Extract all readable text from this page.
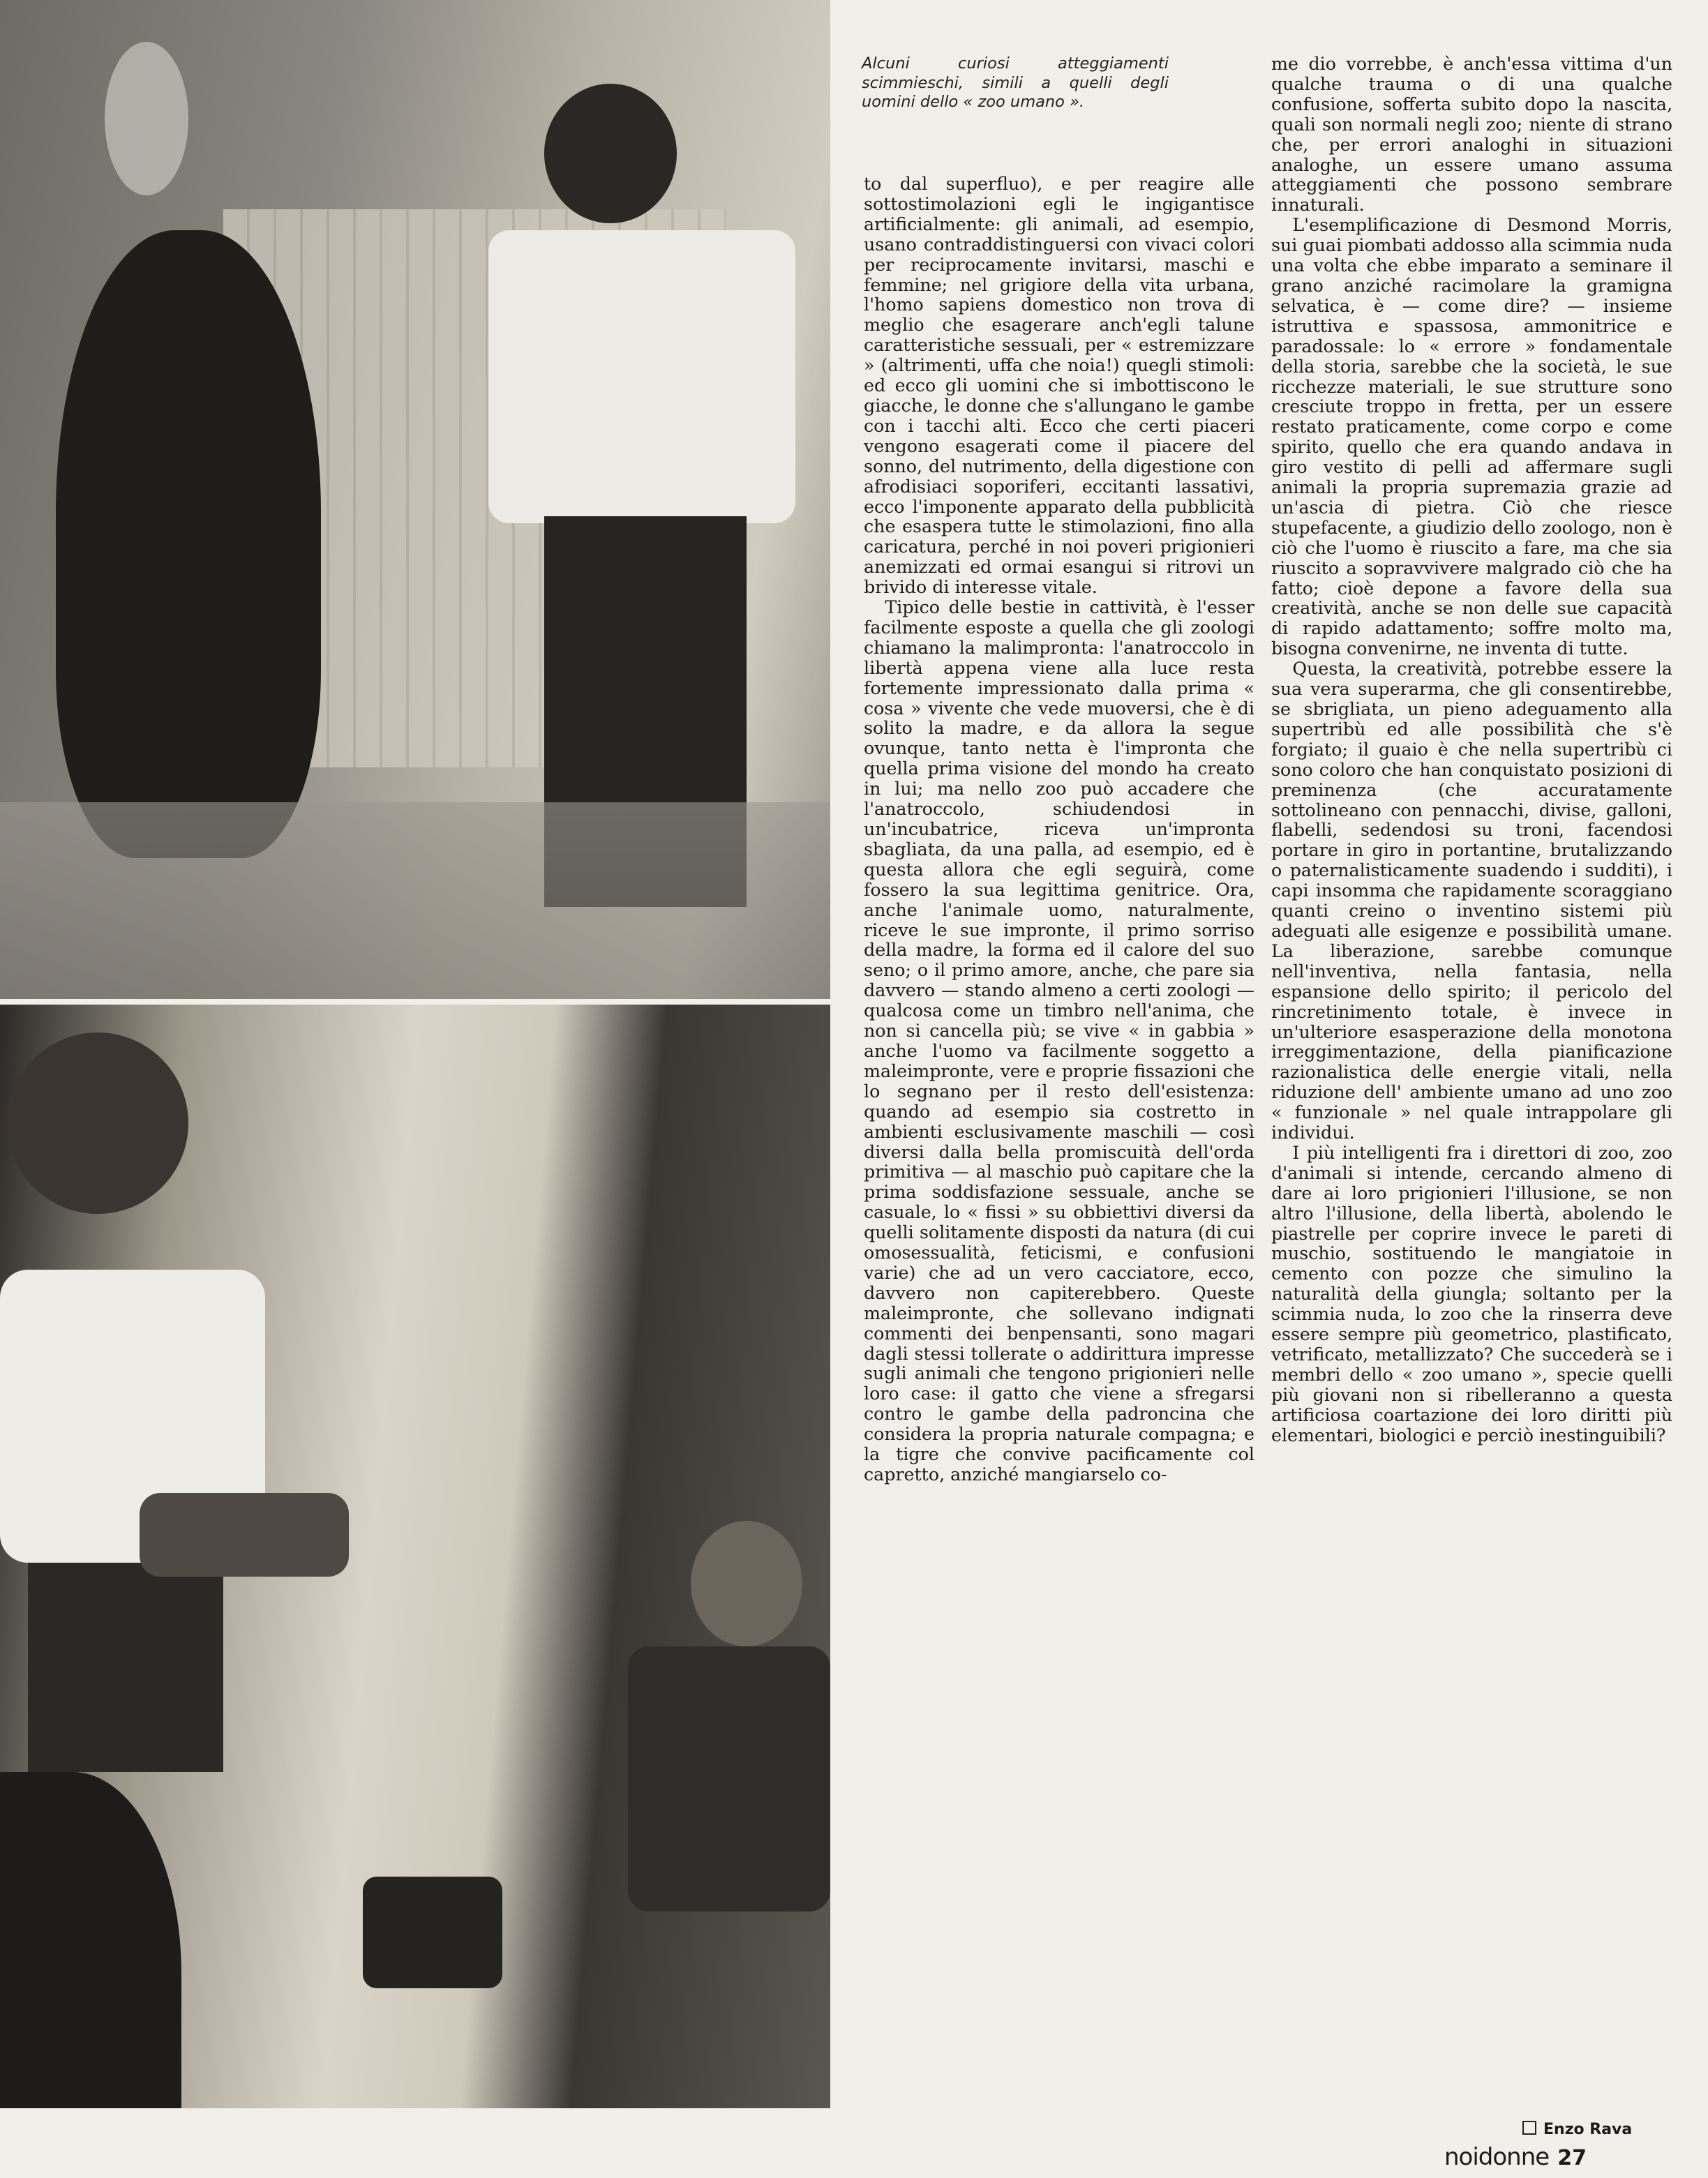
Alcuni curiosi atteggiamenti scimmieschi, simili a quelli degli uomini dello « zoo umano ».

to dal superfluo), e per reagire alle sottostimolazioni egli le ingigantisce artificialmente: gli animali, ad esempio, usano contraddistinguersi con vivaci colori per reciprocamente invitarsi, maschi e femmine; nel grigiore della vita urbana, l'homo sapiens domestico non trova di meglio che esagerare anch'egli talune caratteristiche sessuali, per « estremizzare » (altrimenti, uffa che noia!) quegli stimoli: ed ecco gli uomini che si imbottiscono le giacche, le donne che s'allungano le gambe con i tacchi alti. Ecco che certi piaceri vengono esagerati come il piacere del sonno, del nutrimento, della digestione con afrodisiaci soporiferi, eccitanti lassativi, ecco l'imponente apparato della pubblicità che esaspera tutte le stimolazioni, fino alla caricatura, perché in noi poveri prigionieri anemizzati ed ormai esangui si ritrovi un brivido di interesse vitale.

Tipico delle bestie in cattività, è l'esser facilmente esposte a quella che gli zoologi chiamano la malimpronta: l'anatroccolo in libertà appena viene alla luce resta fortemente impressionato dalla prima « cosa » vivente che vede muoversi, che è di solito la madre, e da allora la segue ovunque, tanto netta è l'impronta che quella prima visione del mondo ha creato in lui; ma nello zoo può accadere che l'anatroccolo, schiudendosi in un'incubatrice, riceva un'impronta sbagliata, da una palla, ad esempio, ed è questa allora che egli seguirà, come fossero la sua legittima genitrice. Ora, anche l'animale uomo, naturalmente, riceve le sue impronte, il primo sorriso della madre, la forma ed il calore del suo seno; o il primo amore, anche, che pare sia davvero — stando almeno a certi zoologi — qualcosa come un timbro nell'anima, che non si cancella più; se vive « in gabbia » anche l'uomo va facilmente soggetto a maleimpronte, vere e proprie fissazioni che lo segnano per il resto dell'esistenza: quando ad esempio sia costretto in ambienti esclusivamente maschili — così diversi dalla bella promiscuità dell'orda primitiva — al maschio può capitare che la prima soddisfazione sessuale, anche se casuale, lo « fissi » su obbiettivi diversi da quelli solitamente disposti da natura (di cui omosessualità, feticismi, e confusioni varie) che ad un vero cacciatore, ecco, davvero non capiterebbero. Queste maleimpronte, che sollevano indignati commenti dei benpensanti, sono magari dagli stessi tollerate o addirittura impresse sugli animali che tengono prigionieri nelle loro case: il gatto che viene a sfregarsi contro le gambe della padroncina che considera la propria naturale compagna; e la tigre che convive pacificamente col capretto, anziché mangiarselo co-

me dio vorrebbe, è anch'essa vittima d'un qualche trauma o di una qualche confusione, sofferta subito dopo la nascita, quali son normali negli zoo; niente di strano che, per errori analoghi in situazioni analoghe, un essere umano assuma atteggiamenti che possono sembrare innaturali.

L'esemplificazione di Desmond Morris, sui guai piombati addosso alla scimmia nuda una volta che ebbe imparato a seminare il grano anziché racimolare la gramigna selvatica, è — come dire? — insieme istruttiva e spassosa, ammonitrice e paradossale: lo « errore » fondamentale della storia, sarebbe che la società, le sue ricchezze materiali, le sue strutture sono cresciute troppo in fretta, per un essere restato praticamente, come corpo e come spirito, quello che era quando andava in giro vestito di pelli ad affermare sugli animali la propria supremazia grazie ad un'ascia di pietra. Ciò che riesce stupefacente, a giudizio dello zoologo, non è ciò che l'uomo è riuscito a fare, ma che sia riuscito a sopravvivere malgrado ciò che ha fatto; cioè depone a favore della sua creatività, anche se non delle sue capacità di rapido adattamento; soffre molto ma, bisogna convenirne, ne inventa di tutte.

Questa, la creatività, potrebbe essere la sua vera superarma, che gli consentirebbe, se sbrigliata, un pieno adeguamento alla supertribù ed alle possibilità che s'è forgiato; il guaio è che nella supertribù ci sono coloro che han conquistato posizioni di preminenza (che accuratamente sottolineano con pennacchi, divise, galloni, flabelli, sedendosi su troni, facendosi portare in giro in portantine, brutalizzando o paternalisticamente suadendo i sudditi), i capi insomma che rapidamente scoraggiano quanti creino o inventino sistemi più adeguati alle esigenze e possibilità umane. La liberazione, sarebbe comunque nell'inventiva, nella fantasia, nella espansione dello spirito; il pericolo del rincretinimento totale, è invece in un'ulteriore esasperazione della monotona irreggimentazione, della pianificazione razionalistica delle energie vitali, nella riduzione dell' ambiente umano ad uno zoo « funzionale » nel quale intrappolare gli individui.

I più intelligenti fra i direttori di zoo, zoo d'animali si intende, cercando almeno di dare ai loro prigionieri l'illusione, se non altro l'illusione, della libertà, abolendo le piastrelle per coprire invece le pareti di muschio, sostituendo le mangiatoie in cemento con pozze che simulino la naturalità della giungla; soltanto per la scimmia nuda, lo zoo che la rinserra deve essere sempre più geometrico, plastificato, vetrificato, metallizzato? Che succederà se i membri dello « zoo umano », specie quelli più giovani non si ribelleranno a questa artificiosa coartazione dei loro diritti più elementari, biologici e perciò inestinguibili?

Enzo Rava
noidonne 27
